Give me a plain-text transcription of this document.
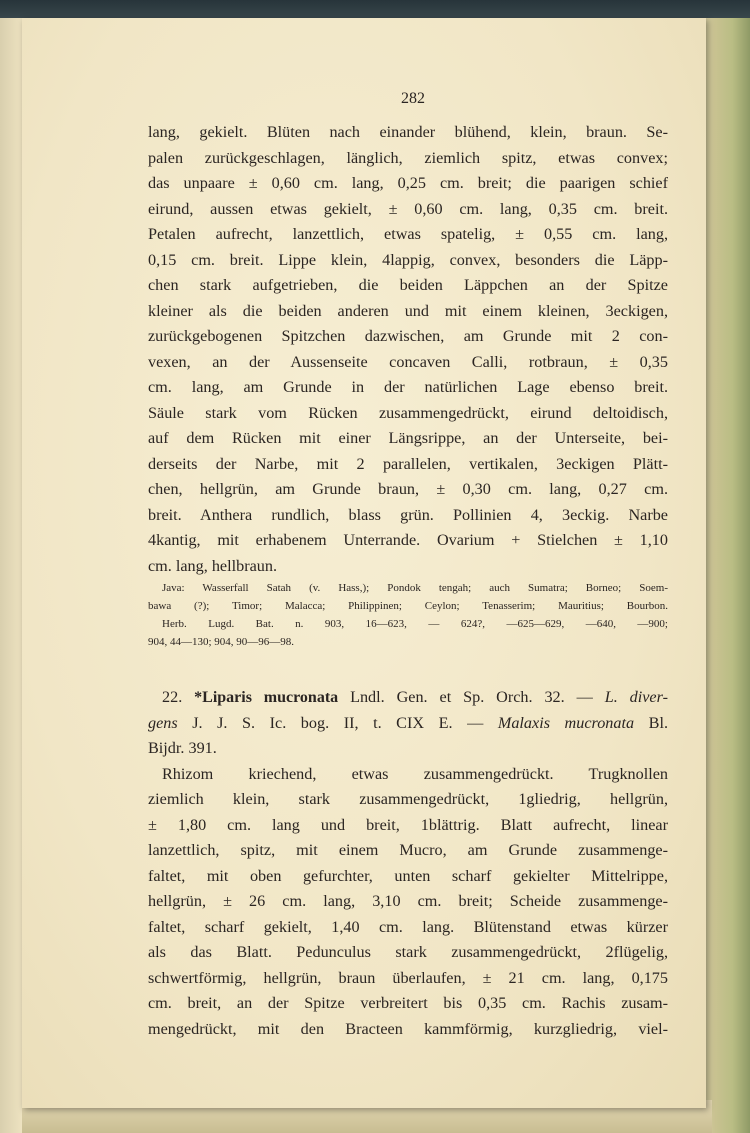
282
lang, gekielt. Blüten nach einander blühend, klein, braun. Se-
palen zurückgeschlagen, länglich, ziemlich spitz, etwas convex;
das unpaare ± 0,60 cm. lang, 0,25 cm. breit; die paarigen schief
eirund, aussen etwas gekielt, ± 0,60 cm. lang, 0,35 cm. breit.
Petalen aufrecht, lanzettlich, etwas spatelig, ± 0,55 cm. lang,
0,15 cm. breit. Lippe klein, 4lappig, convex, besonders die Läpp-
chen stark aufgetrieben, die beiden Läppchen an der Spitze
kleiner als die beiden anderen und mit einem kleinen, 3eckigen,
zurückgebogenen Spitzchen dazwischen, am Grunde mit 2 con-
vexen, an der Aussenseite concaven Calli, rotbraun, ± 0,35
cm. lang, am Grunde in der natürlichen Lage ebenso breit.
Säule stark vom Rücken zusammengedrückt, eirund deltoidisch,
auf dem Rücken mit einer Längsrippe, an der Unterseite, bei-
derseits der Narbe, mit 2 parallelen, vertikalen, 3eckigen Plätt-
chen, hellgrün, am Grunde braun, ± 0,30 cm. lang, 0,27 cm.
breit. Anthera rundlich, blass grün. Pollinien 4, 3eckig. Narbe
4kantig, mit erhabenem Unterrande. Ovarium + Stielchen ± 1,10
cm. lang, hellbraun.
Java: Wasserfall Satah (v. Hass,); Pondok tengah; auch Sumatra; Borneo; Soem-
bawa (?); Timor; Malacca; Philippinen; Ceylon; Tenasserim; Mauritius; Bourbon.
Herb. Lugd. Bat. n. 903, 16—623, — 624?, —625—629, —640, —900;
904, 44—130; 904, 90—96—98.
22. *Liparis mucronata Lndl. Gen. et Sp. Orch. 32. — L. diver-
gens J. J. S. Ic. bog. II, t. CIX E. — Malaxis mucronata Bl.
Bijdr. 391.
Rhizom kriechend, etwas zusammengedrückt. Trugknollen
ziemlich klein, stark zusammengedrückt, 1gliedrig, hellgrün,
± 1,80 cm. lang und breit, 1blättrig. Blatt aufrecht, linear
lanzettlich, spitz, mit einem Mucro, am Grunde zusammenge-
faltet, mit oben gefurchter, unten scharf gekielter Mittelrippe,
hellgrün, ± 26 cm. lang, 3,10 cm. breit; Scheide zusammenge-
faltet, scharf gekielt, 1,40 cm. lang. Blütenstand etwas kürzer
als das Blatt. Pedunculus stark zusammengedrückt, 2flügelig,
schwertförmig, hellgrün, braun überlaufen, ± 21 cm. lang, 0,175
cm. breit, an der Spitze verbreitert bis 0,35 cm. Rachis zusam-
mengedrückt, mit den Bracteen kammförmig, kurzgliedrig, viel-
